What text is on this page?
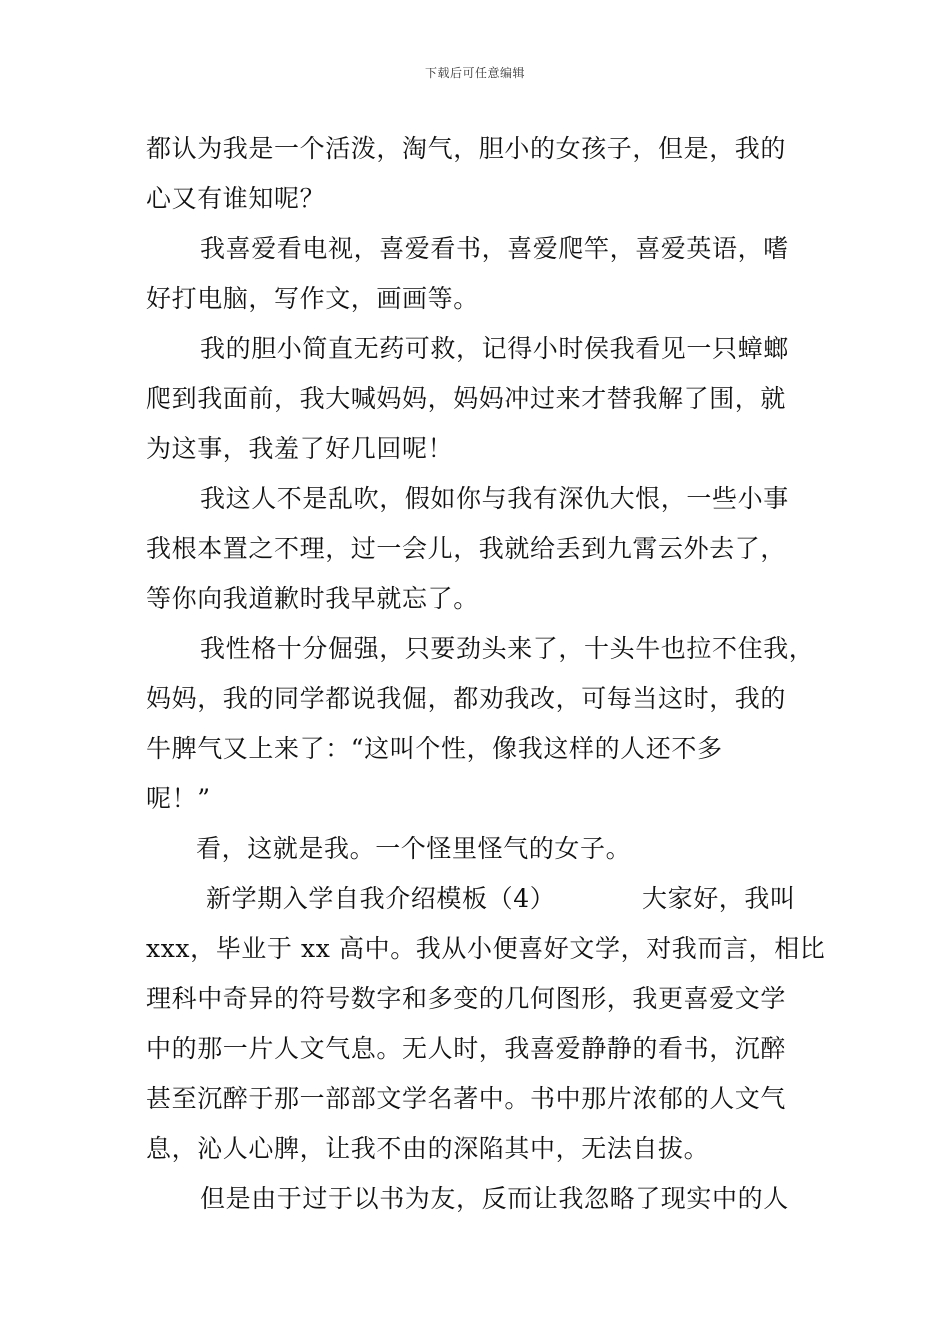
下载后可任意编辑
都认为我是一个活泼，淘气，胆小的女孩子，但是，我的
心又有谁知呢？
我喜爱看电视，喜爱看书，喜爱爬竿，喜爱英语，嗜
好打电脑，写作文，画画等。
我的胆小简直无药可救，记得小时侯我看见一只蟑螂
爬到我面前，我大喊妈妈，妈妈冲过来才替我解了围，就
为这事，我羞了好几回呢！
我这人不是乱吹，假如你与我有深仇大恨，一些小事
我根本置之不理，过一会儿，我就给丢到九霄云外去了，
等你向我道歉时我早就忘了。
我性格十分倔强，只要劲头来了，十头牛也拉不住我，
妈妈，我的同学都说我倔，都劝我改，可每当这时，我的
牛脾气又上来了：“这叫个性，像我这样的人还不多
呢！”
看，这就是我。一个怪里怪气的女子。
新学期入学自我介绍模板（4）	大家好，我叫
xxx，毕业于 xx 高中。我从小便喜好文学，对我而言，相比
理科中奇异的符号数字和多变的几何图形，我更喜爱文学
中的那一片人文气息。无人时，我喜爱静静的看书，沉醉
甚至沉醉于那一部部文学名著中。书中那片浓郁的人文气
息，沁人心脾，让我不由的深陷其中，无法自拔。
但是由于过于以书为友，反而让我忽略了现实中的人
